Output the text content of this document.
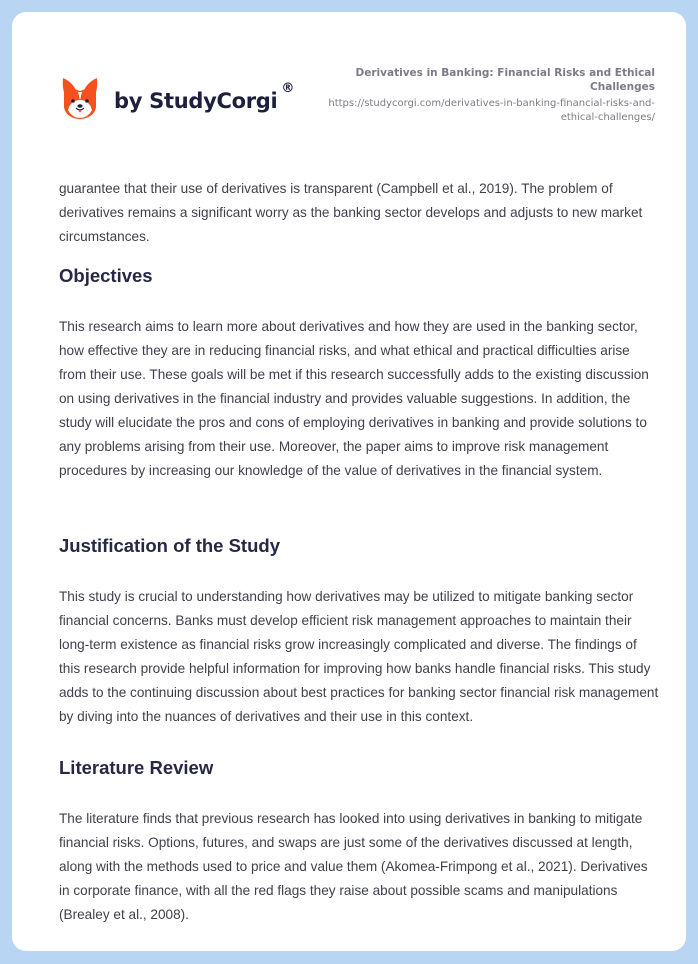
by StudyCorgi
®
Derivatives in Banking: Financial Risks and Ethical Challenges
https://studycorgi.com/derivatives-in-banking-financial-risks-and-ethical-challenges/

guarantee that their use of derivatives is transparent (Campbell et al., 2019). The problem of derivatives remains a significant worry as the banking sector develops and adjusts to new market circumstances.

Objectives

This research aims to learn more about derivatives and how they are used in the banking sector, how effective they are in reducing financial risks, and what ethical and practical difficulties arise from their use. These goals will be met if this research successfully adds to the existing discussion on using derivatives in the financial industry and provides valuable suggestions. In addition, the study will elucidate the pros and cons of employing derivatives in banking and provide solutions to any problems arising from their use. Moreover, the paper aims to improve risk management procedures by increasing our knowledge of the value of derivatives in the financial system.

Justification of the Study

This study is crucial to understanding how derivatives may be utilized to mitigate banking sector financial concerns. Banks must develop efficient risk management approaches to maintain their long-term existence as financial risks grow increasingly complicated and diverse. The findings of this research provide helpful information for improving how banks handle financial risks. This study adds to the continuing discussion about best practices for banking sector financial risk management by diving into the nuances of derivatives and their use in this context.

Literature Review

The literature finds that previous research has looked into using derivatives in banking to mitigate financial risks. Options, futures, and swaps are just some of the derivatives discussed at length, along with the methods used to price and value them (Akomea-Frimpong et al., 2021). Derivatives in corporate finance, with all the red flags they raise about possible scams and manipulations (Brealey et al., 2008).
